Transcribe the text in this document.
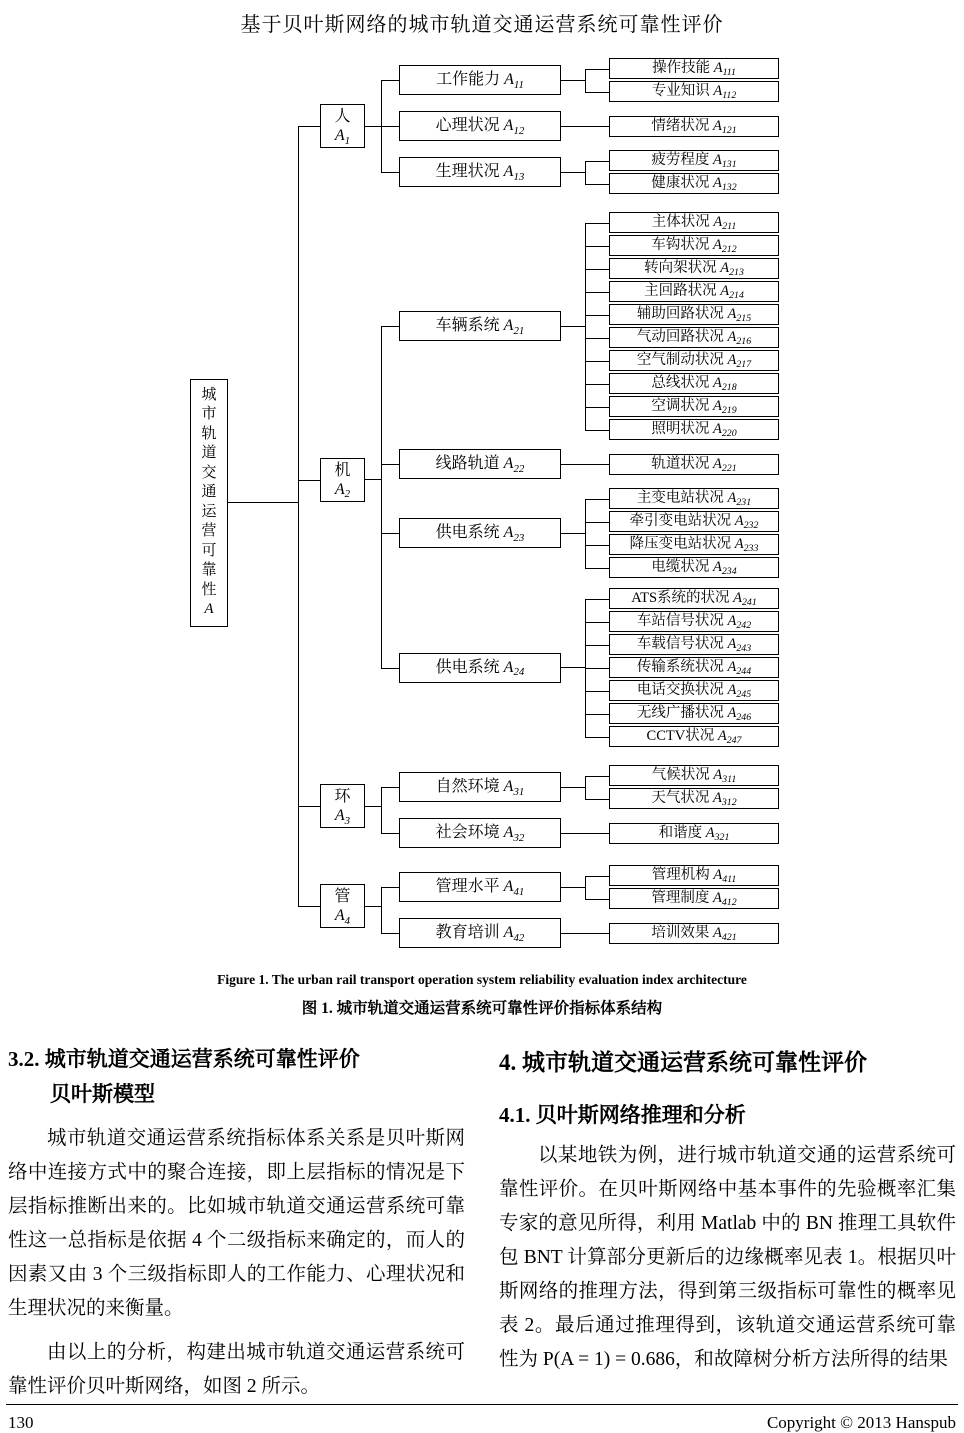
基于贝叶斯网络的城市轨道交通运营系统可靠性评价
城
市
轨
道
交
通
运
营
可
靠
性
A
人
$A_1$
工作能力 $A_{11}$
操作技能 $A_{111}$
专业知识 $A_{112}$
心理状况 $A_{12}$	情绪状况 $A_{121}$
生理状况 $A_{13}$
疲劳程度 $A_{131}$
健康状况 $A_{132}$
机
$A_2$
车辆系统 $A_{21}$
主体状况 $A_{211}$
车钩状况 $A_{212}$
转向架状况 $A_{213}$
主回路状况 $A_{214}$
辅助回路状况 $A_{215}$
气动回路状况 $A_{216}$
空气制动状况 $A_{217}$
总线状况 $A_{218}$
空调状况 $A_{219}$
照明状况 $A_{220}$
线路轨道 $A_{22}$	轨道状况 $A_{221}$
供电系统 $A_{23}$
主变电站状况 $A_{231}$
牵引变电站状况 $A_{232}$
降压变电站状况 $A_{233}$
电缆状况 $A_{234}$
供电系统 $A_{24}$
ATS系统的状况 $A_{241}$
车站信号状况 $A_{242}$
车载信号状况 $A_{243}$
传输系统状况 $A_{244}$
电话交换状况 $A_{245}$
无线广播状况 $A_{246}$
CCTV状况 $A_{247}$
环
$A_3$
自然环境 $A_{31}$
气候状况 $A_{311}$
天气状况 $A_{312}$
社会环境 $A_{32}$	和谐度 $A_{321}$
管
$A_4$
管理水平 $A_{41}$
管理机构 $A_{411}$
管理制度 $A_{412}$
教育培训 $A_{42}$	培训效果 $A_{421}$
Figure 1. The urban rail transport operation system reliability evaluation index architecture
图 1. 城市轨道交通运营系统可靠性评价指标体系结构
3.2. 城市轨道交通运营系统可靠性评价
贝叶斯模型

城市轨道交通运营系统指标体系关系是贝叶斯网络中连接方式中的聚合连接，即上层指标的情况是下层指标推断出来的。比如城市轨道交通运营系统可靠性这一总指标是依据 4 个二级指标来确定的，而人的因素又由 3 个三级指标即人的工作能力、心理状况和生理状况的来衡量。

由以上的分析，构建出城市轨道交通运营系统可靠性评价贝叶斯网络，如图 2 所示。

4. 城市轨道交通运营系统可靠性评价
4.1. 贝叶斯网络推理和分析

以某地铁为例，进行城市轨道交通的运营系统可靠性评价。在贝叶斯网络中基本事件的先验概率汇集专家的意见所得，利用 Matlab 中的 BN 推理工具软件包 BNT 计算部分更新后的边缘概率见表 1。根据贝叶斯网络的推理方法，得到第三级指标可靠性的概率见表 2。最后通过推理得到，该轨道交通运营系统可靠性为 P(A = 1) = 0.686，和故障树分析方法所得的结果

130	Copyright © 2013 Hanspub
